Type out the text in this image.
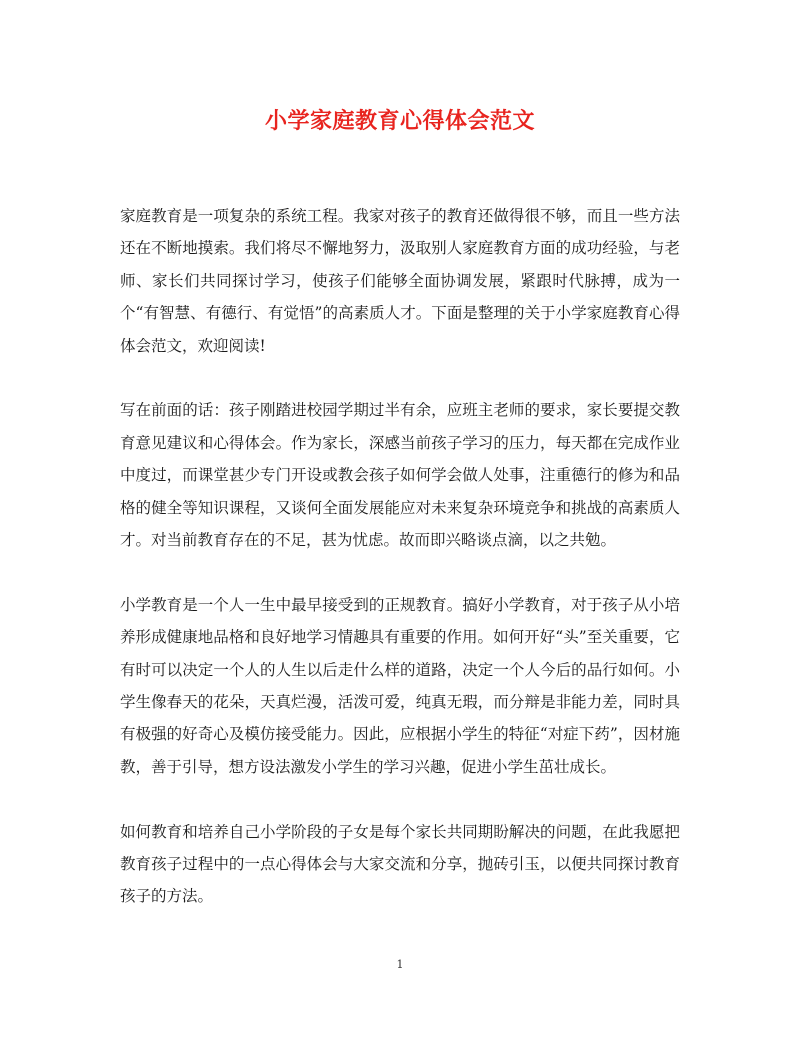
小学家庭教育心得体会范文

家庭教育是一项复杂的系统工程。我家对孩子的教育还做得很不够，而且一些方法还在不断地摸索。我们将尽不懈地努力，汲取别人家庭教育方面的成功经验，与老师、家长们共同探讨学习，使孩子们能够全面协调发展，紧跟时代脉搏，成为一个“有智慧、有德行、有觉悟”的高素质人才。下面是整理的关于小学家庭教育心得体会范文，欢迎阅读!

写在前面的话：孩子刚踏进校园学期过半有余，应班主老师的要求，家长要提交教育意见建议和心得体会。作为家长，深感当前孩子学习的压力，每天都在完成作业中度过，而课堂甚少专门开设或教会孩子如何学会做人处事，注重德行的修为和品格的健全等知识课程，又谈何全面发展能应对未来复杂环境竞争和挑战的高素质人才。对当前教育存在的不足，甚为忧虑。故而即兴略谈点滴，以之共勉。

小学教育是一个人一生中最早接受到的正规教育。搞好小学教育，对于孩子从小培养形成健康地品格和良好地学习情趣具有重要的作用。如何开好“头”至关重要，它有时可以决定一个人的人生以后走什么样的道路，决定一个人今后的品行如何。小学生像春天的花朵，天真烂漫，活泼可爱，纯真无瑕，而分辩是非能力差，同时具有极强的好奇心及模仿接受能力。因此，应根据小学生的特征“对症下药”，因材施教，善于引导，想方设法激发小学生的学习兴趣，促进小学生茁壮成长。

如何教育和培养自己小学阶段的子女是每个家长共同期盼解决的问题，在此我愿把教育孩子过程中的一点心得体会与大家交流和分享，抛砖引玉，以便共同探讨教育孩子的方法。

1
